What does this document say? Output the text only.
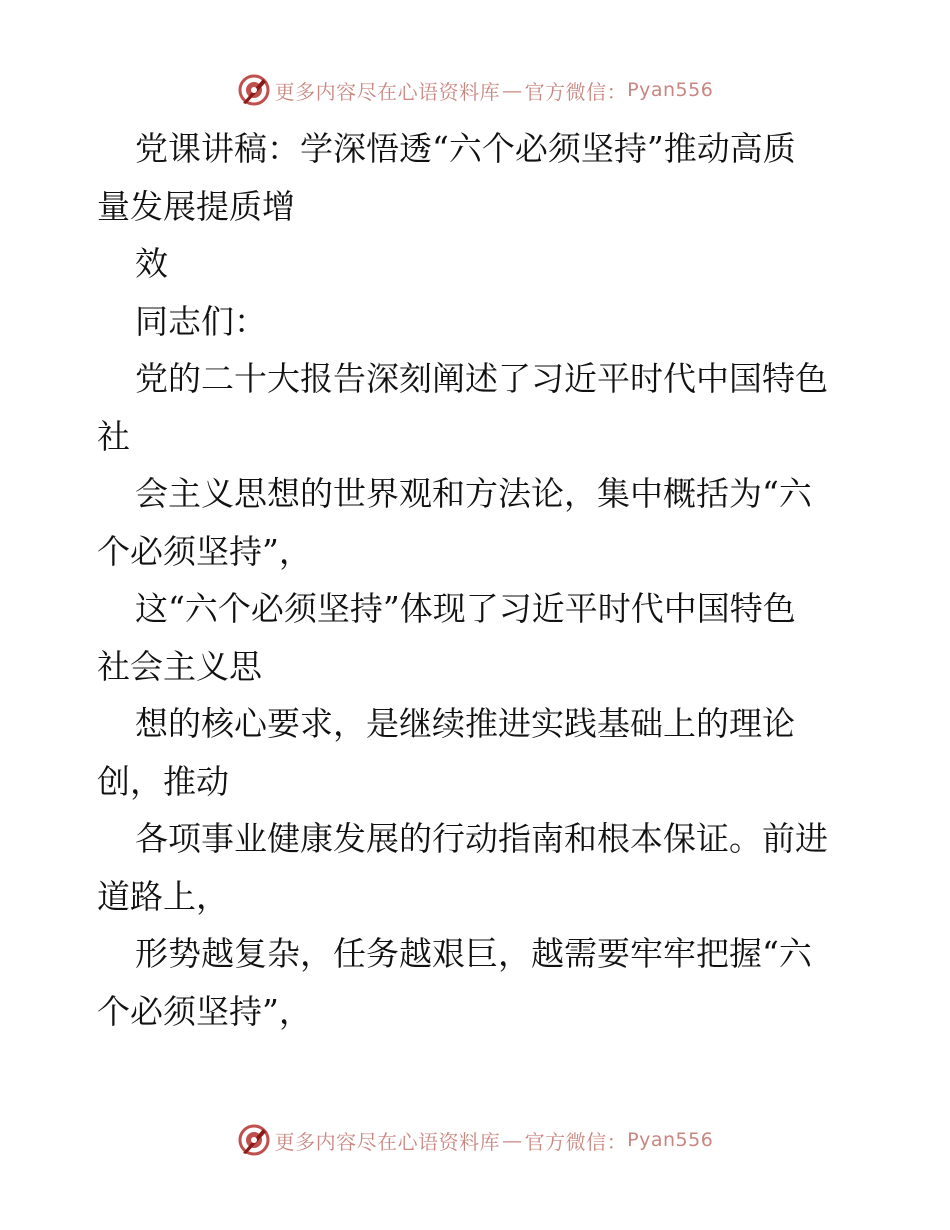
更多内容尽在心语资料库 — 官方微信： Pyan556
党课讲稿：学深悟透“六个必须坚持”推动高质
量发展提质增
效
同志们：
党的二十大报告深刻阐述了习近平时代中国特色
社
会主义思想的世界观和方法论，集中概括为“六
个必须坚持”，
这“六个必须坚持”体现了习近平时代中国特色
社会主义思
想的核心要求，是继续推进实践基础上的理论
创，推动
各项事业健康发展的行动指南和根本保证。前进
道路上，
形势越复杂，任务越艰巨，越需要牢牢把握“六
个必须坚持”，
更多内容尽在心语资料库 — 官方微信： Pyan556
